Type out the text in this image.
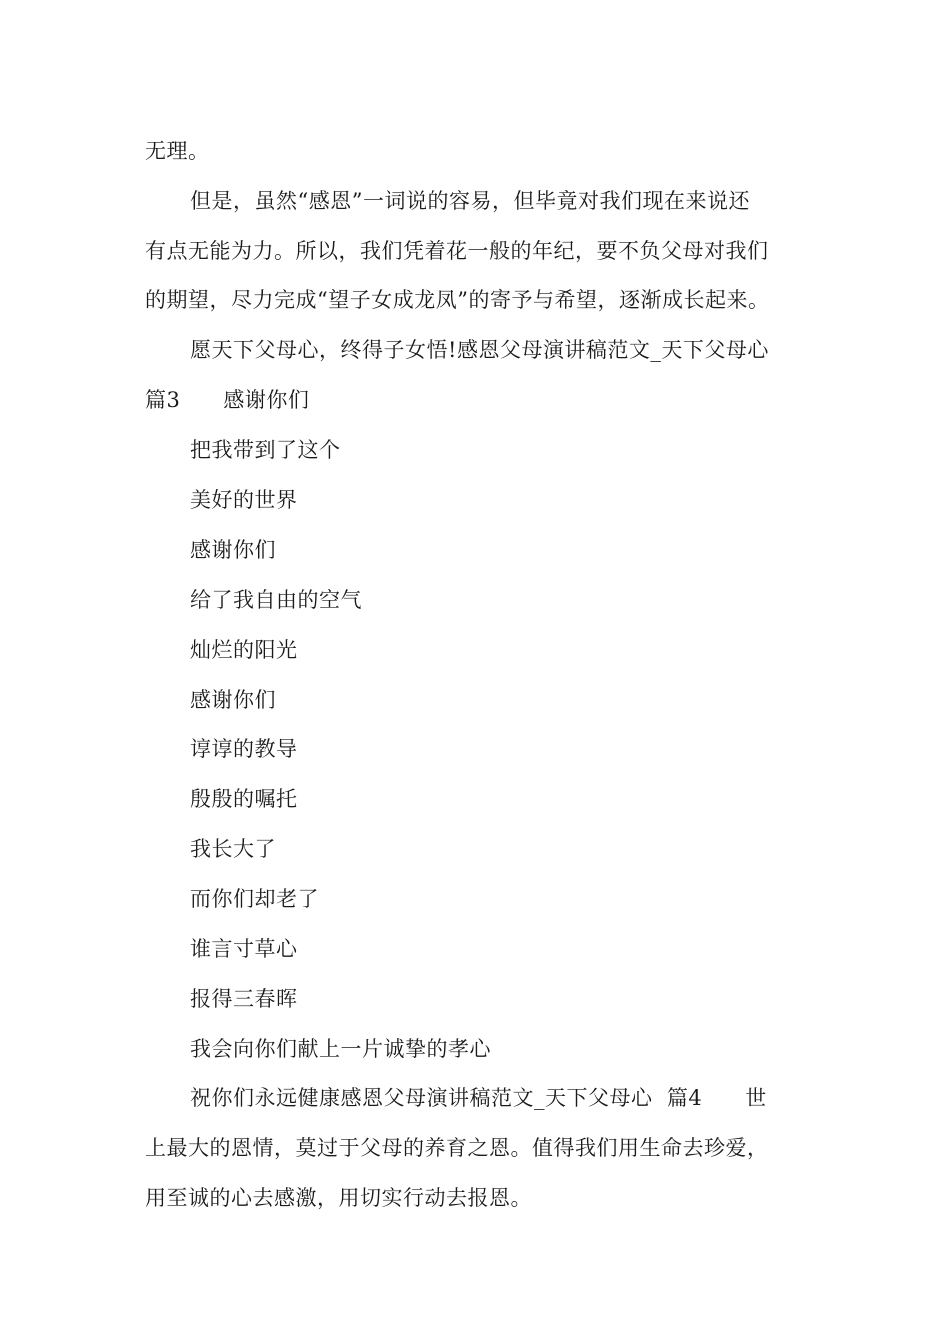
无理。
但是，虽然“感恩”一词说的容易，但毕竟对我们现在来说还
有点无能为力。所以，我们凭着花一般的年纪，要不负父母对我们
的期望，尽力完成“望子女成龙凤”的寄予与希望，逐渐成长起来。
愿天下父母心，终得子女悟!感恩父母演讲稿范文_天下父母心
篇3　　感谢你们
把我带到了这个
美好的世界
感谢你们
给了我自由的空气
灿烂的阳光
感谢你们
谆谆的教导
殷殷的嘱托
我长大了
而你们却老了
谁言寸草心
报得三春晖
我会向你们献上一片诚挚的孝心
祝你们永远健康感恩父母演讲稿范文_天下父母心  篇4　　世
上最大的恩情，莫过于父母的养育之恩。值得我们用生命去珍爱，
用至诚的心去感激，用切实行动去报恩。
